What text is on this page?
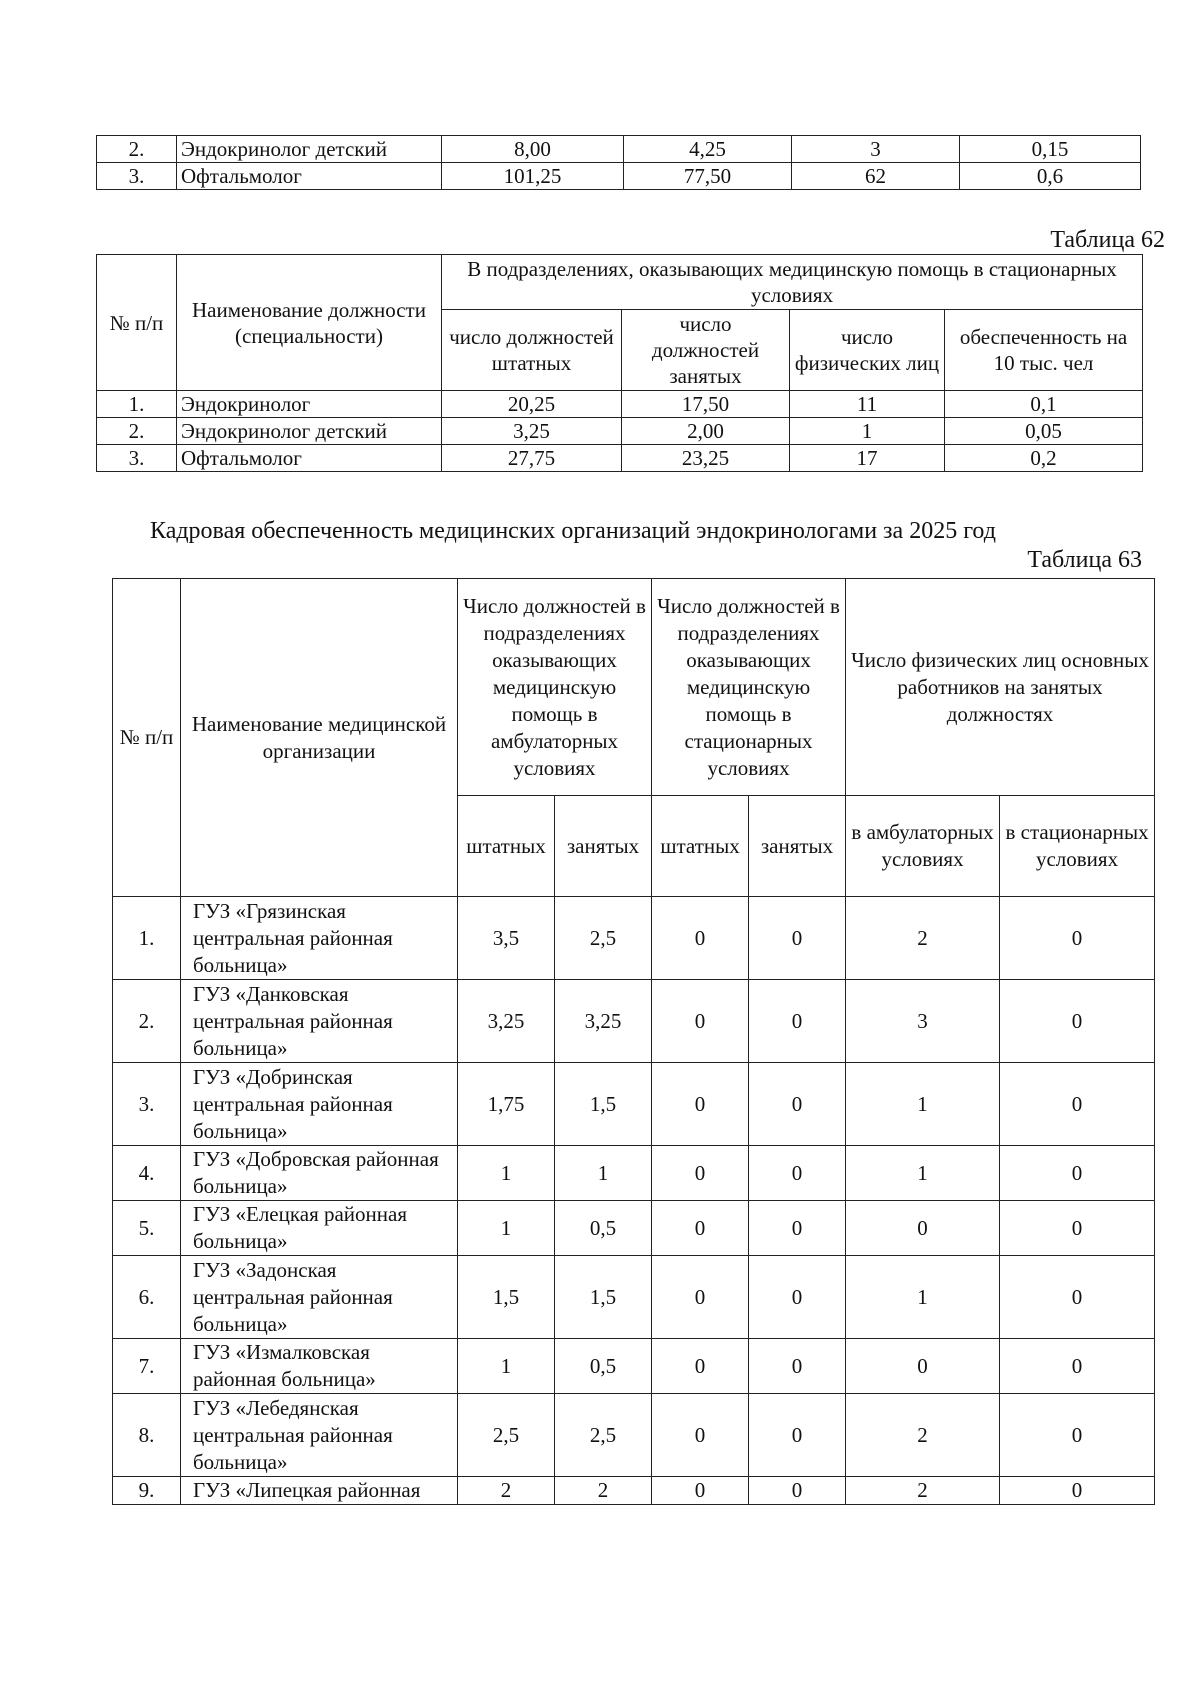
2.	Эндокринолог детский	8,00	4,25	3	0,15
3.	Офтальмолог	101,25	77,50	62	0,6
Таблица 62
№ п/п	Наименование должности (специальности)	В подразделениях, оказывающих медицинскую помощь в стационарных условиях			
		число должностей штатных	число должностей занятых	число физических лиц	обеспеченность на 10 тыс. чел
1.	Эндокринолог	20,25	17,50	11	0,1
2.	Эндокринолог детский	3,25	2,00	1	0,05
3.	Офтальмолог	27,75	23,25	17	0,2
Кадровая обеспеченность медицинских организаций эндокринологами за 2025 год
Таблица 63
№ п/п	Наименование медицинской организации	Число должностей в подразделениях оказывающих медицинскую помощь в амбулаторных условиях		Число должностей в подразделениях оказывающих медицинскую помощь в стационарных условиях		Число физических лиц основных работников на занятых должностях	
		штатных	занятых	штатных	занятых	в амбулаторных условиях	в стационарных условиях
1.	ГУЗ «Грязинская центральная районная больница»	3,5	2,5	0	0	2	0
2.	ГУЗ «Данковская центральная районная больница»	3,25	3,25	0	0	3	0
3.	ГУЗ «Добринская центральная районная больница»	1,75	1,5	0	0	1	0
4.	ГУЗ «Добровская районная больница»	1	1	0	0	1	0
5.	ГУЗ «Елецкая районная больница»	1	0,5	0	0	0	0
6.	ГУЗ «Задонская центральная районная больница»	1,5	1,5	0	0	1	0
7.	ГУЗ «Измалковская районная больница»	1	0,5	0	0	0	0
8.	ГУЗ «Лебедянская центральная районная больница»	2,5	2,5	0	0	2	0
9.	ГУЗ «Липецкая районная	2	2	0	0	2	0
